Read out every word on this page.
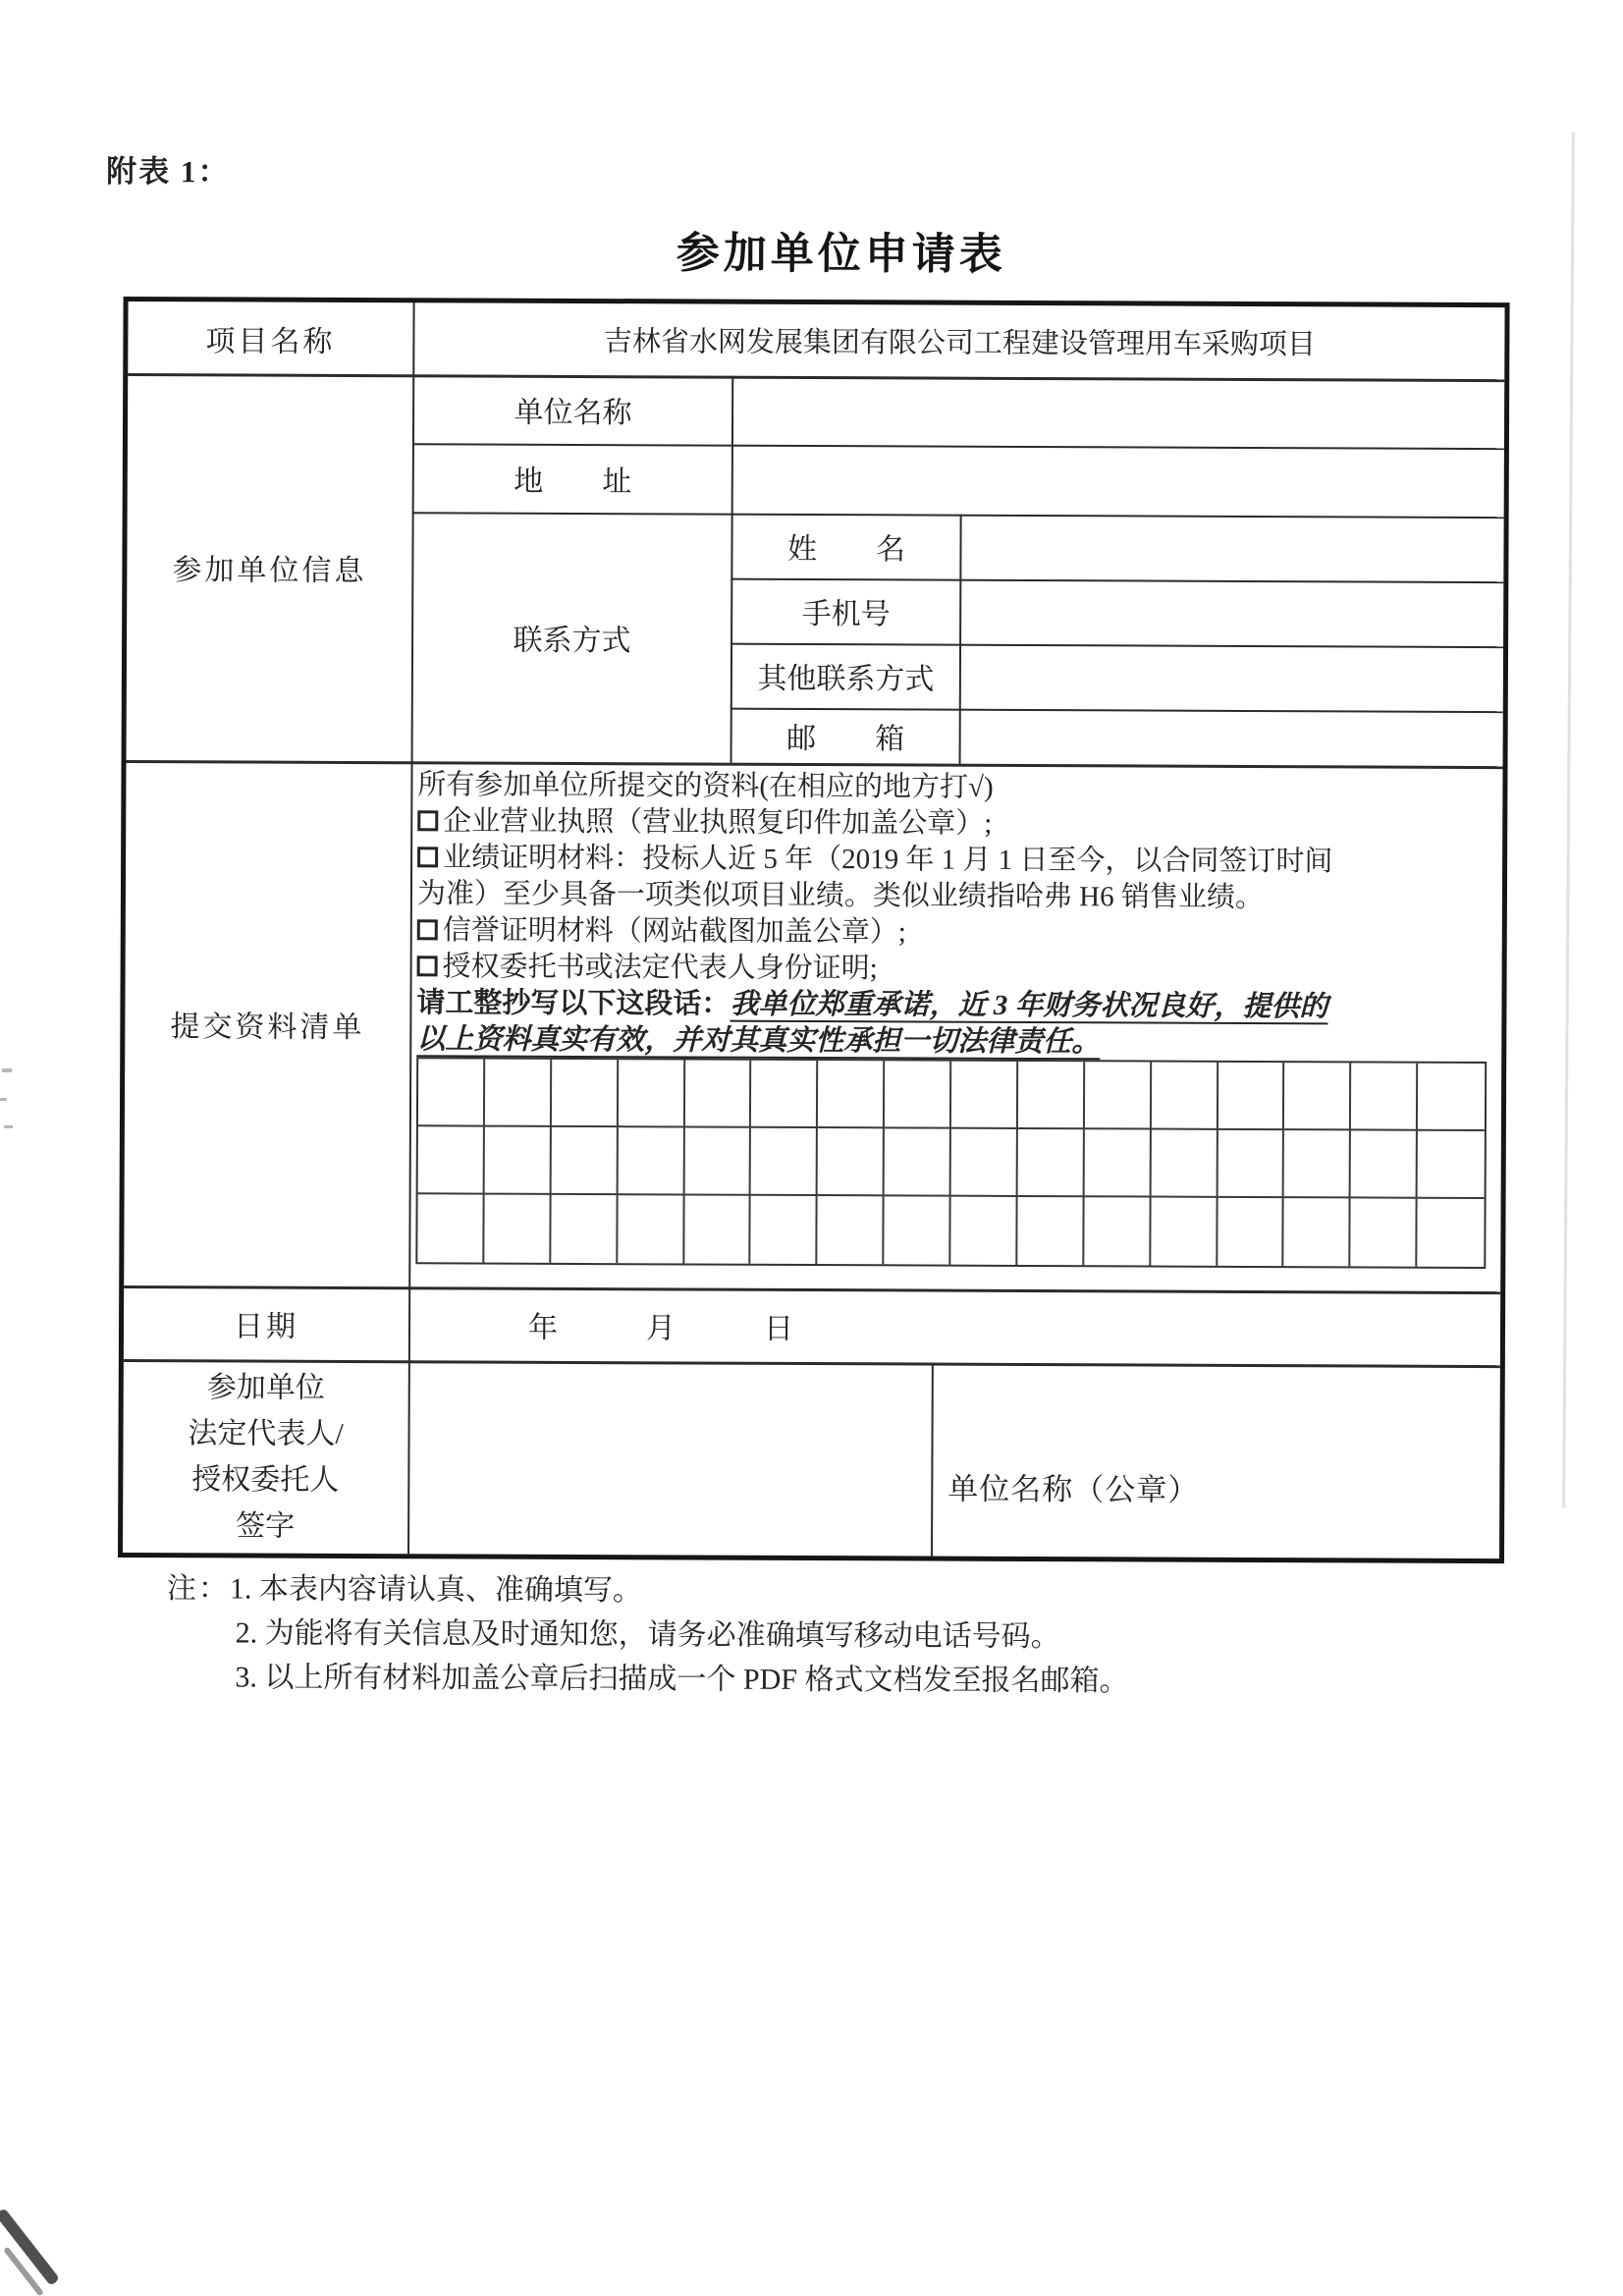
附表 1：
参加单位申请表
项目名称	吉林省水网发展集团有限公司工程建设管理用车采购项目
参加单位信息
单位名称
地　　址
联系方式
姓　　名
手机号
其他联系方式
邮　　箱
提交资料清单
所有参加单位所提交的资料(在相应的地方打√)
企业营业执照（营业执照复印件加盖公章）;
业绩证明材料：投标人近 5 年（2019 年 1 月 1 日至今，以合同签订时间
为准）至少具备一项类似项目业绩。类似业绩指哈弗 H6 销售业绩。
信誉证明材料（网站截图加盖公章）;
授权委托书或法定代表人身份证明;
请工整抄写以下这段话：我单位郑重承诺，近 3 年财务状况良好，提供的
以上资料真实有效，并对其真实性承担一切法律责任。
日期	年　　　月　　　日
参加单位
法定代表人/
授权委托人
签字
单位名称（公章）
注：1. 本表内容请认真、准确填写。
2. 为能将有关信息及时通知您，请务必准确填写移动电话号码。
3. 以上所有材料加盖公章后扫描成一个 PDF 格式文档发至报名邮箱。
